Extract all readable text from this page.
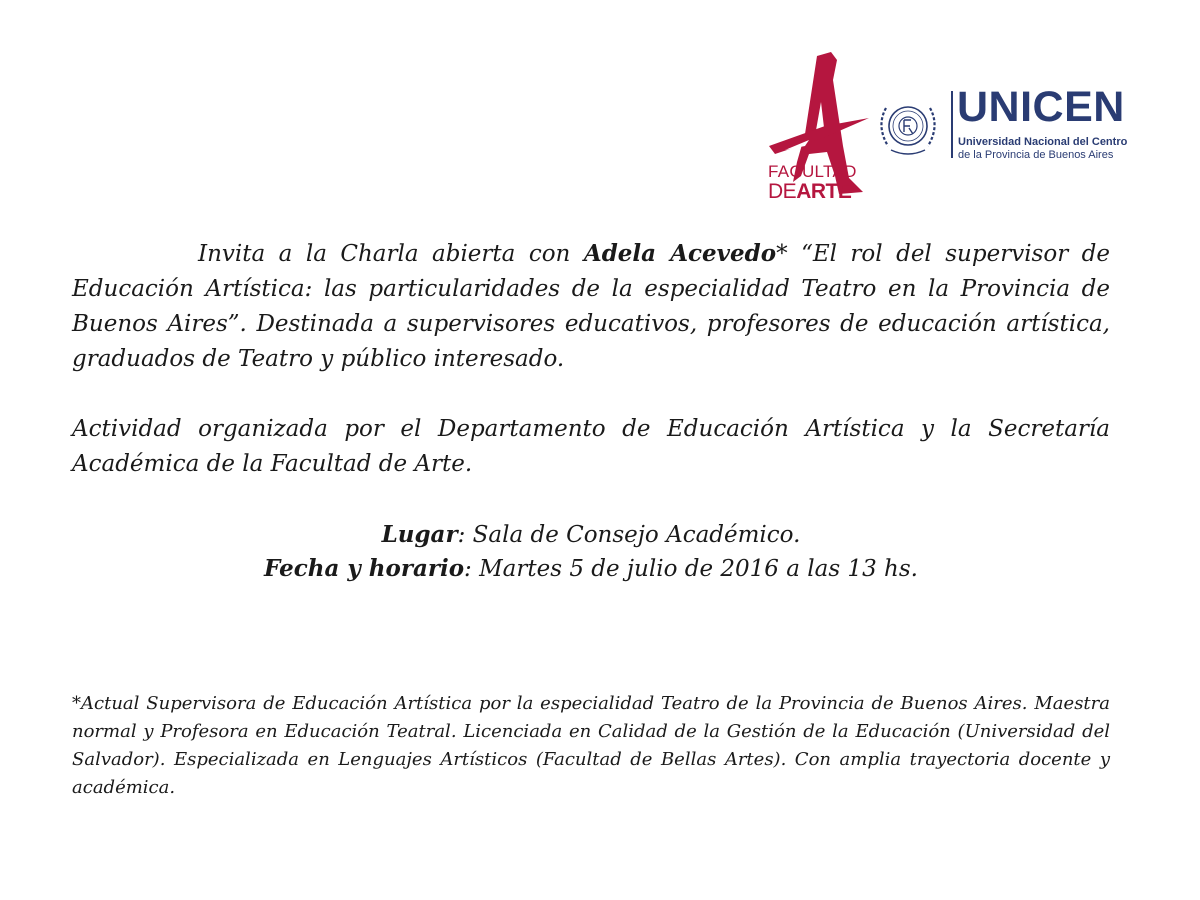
FACULTAD
DEARTE
UNICEN
Universidad Nacional del Centro
de la Provincia de Buenos Aires

Invita a la Charla abierta con Adela Acevedo* “El rol del supervisor de Educación Artística: las particularidades de la especialidad Teatro en la Provincia de Buenos Aires”. Destinada a supervisores educativos, profesores de educación artística, graduados de Teatro y público interesado.

Actividad organizada por el Departamento de Educación Artística y la Secretaría Académica de la Facultad de Arte.

Lugar: Sala de Consejo Académico.
Fecha y horario: Martes 5 de julio de 2016 a las 13 hs.
*Actual Supervisora de Educación Artística por la especialidad Teatro de la Provincia de Buenos Aires. Maestra normal y Profesora en Educación Teatral. Licenciada en Calidad de la Gestión de la Educación (Universidad del Salvador). Especializada en Lenguajes Artísticos (Facultad de Bellas Artes). Con amplia trayectoria docente y académica.
